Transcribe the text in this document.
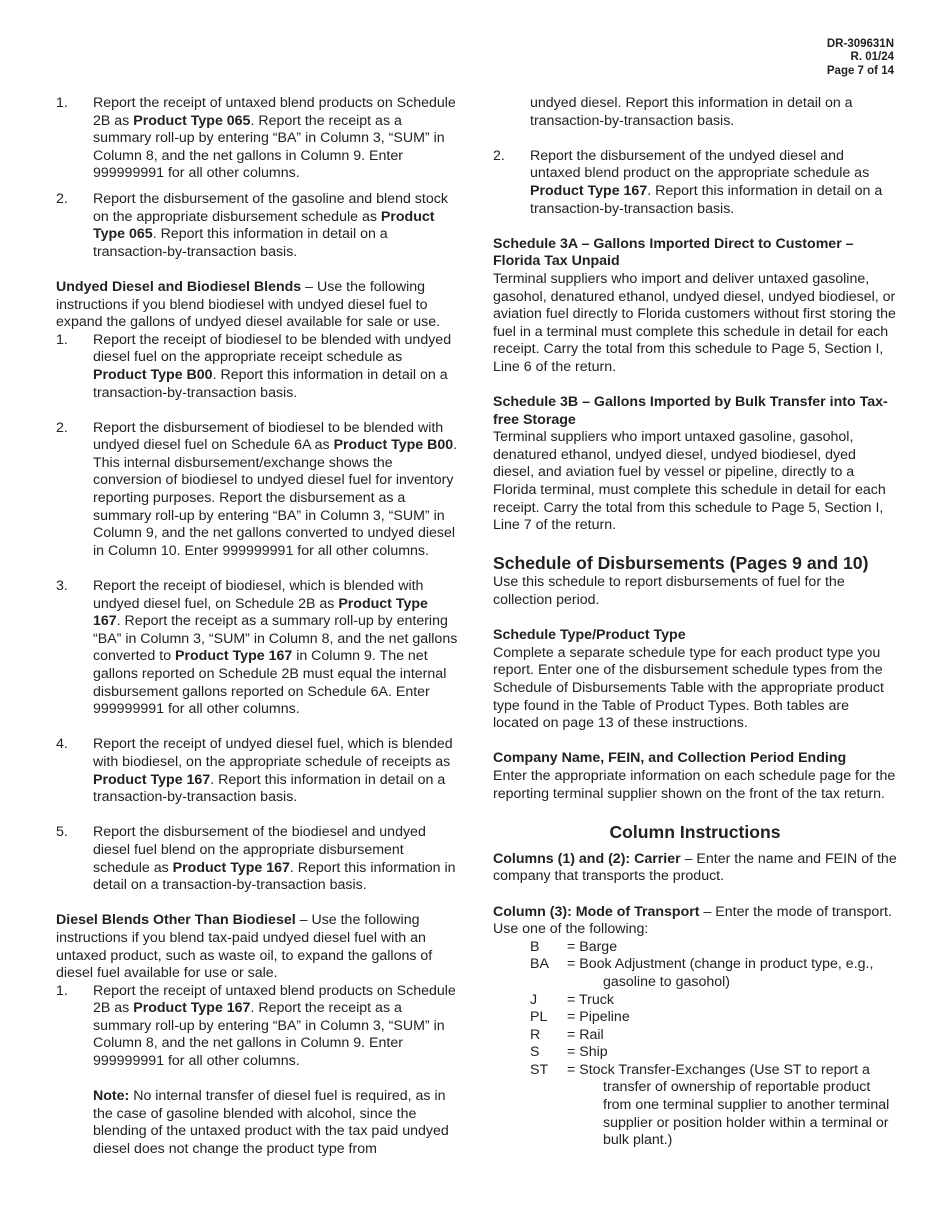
DR-309631N
R. 01/24
Page 7 of 14
1. Report the receipt of untaxed blend products on Schedule 2B as Product Type 065. Report the receipt as a summary roll-up by entering “BA” in Column 3, “SUM” in Column 8, and the net gallons in Column 9. Enter 999999991 for all other columns.
2. Report the disbursement of the gasoline and blend stock on the appropriate disbursement schedule as Product Type 065. Report this information in detail on a transaction-by-transaction basis.

Undyed Diesel and Biodiesel Blends – Use the following instructions if you blend biodiesel with undyed diesel fuel to expand the gallons of undyed diesel available for sale or use.

1. Report the receipt of biodiesel to be blended with undyed diesel fuel on the appropriate receipt schedule as Product Type B00. Report this information in detail on a transaction-by-transaction basis.
2. Report the disbursement of biodiesel to be blended with undyed diesel fuel on Schedule 6A as Product Type B00. This internal disbursement/exchange shows the conversion of biodiesel to undyed diesel fuel for inventory reporting purposes. Report the disbursement as a summary roll-up by entering “BA” in Column 3, “SUM” in Column 9, and the net gallons converted to undyed diesel in Column 10. Enter 999999991 for all other columns.
3. Report the receipt of biodiesel, which is blended with undyed diesel fuel, on Schedule 2B as Product Type 167. Report the receipt as a summary roll-up by entering “BA” in Column 3, “SUM” in Column 8, and the net gallons converted to Product Type 167 in Column 9. The net gallons reported on Schedule 2B must equal the internal disbursement gallons reported on Schedule 6A. Enter 999999991 for all other columns.
4. Report the receipt of undyed diesel fuel, which is blended with biodiesel, on the appropriate schedule of receipts as Product Type 167. Report this information in detail on a transaction-by-transaction basis.
5. Report the disbursement of the biodiesel and undyed diesel fuel blend on the appropriate disbursement schedule as Product Type 167. Report this information in detail on a transaction-by-transaction basis.

Diesel Blends Other Than Biodiesel – Use the following instructions if you blend tax-paid undyed diesel fuel with an untaxed product, such as waste oil, to expand the gallons of diesel fuel available for use or sale.

1. Report the receipt of untaxed blend products on Schedule 2B as Product Type 167. Report the receipt as a summary roll-up by entering “BA” in Column 3, “SUM” in Column 8, and the net gallons in Column 9. Enter 999999991 for all other columns.
Note: No internal transfer of diesel fuel is required, as in the case of gasoline blended with alcohol, since the blending of the untaxed product with the tax paid undyed diesel does not change the product type from
undyed diesel. Report this information in detail on a transaction-by-transaction basis.
2. Report the disbursement of the undyed diesel and untaxed blend product on the appropriate schedule as Product Type 167. Report this information in detail on a transaction-by-transaction basis.

Schedule 3A – Gallons Imported Direct to Customer – Florida Tax Unpaid

Terminal suppliers who import and deliver untaxed gasoline, gasohol, denatured ethanol, undyed diesel, undyed biodiesel, or aviation fuel directly to Florida customers without first storing the fuel in a terminal must complete this schedule in detail for each receipt. Carry the total from this schedule to Page 5, Section I, Line 6 of the return.

Schedule 3B – Gallons Imported by Bulk Transfer into Tax-free Storage

Terminal suppliers who import untaxed gasoline, gasohol, denatured ethanol, undyed diesel, undyed biodiesel, dyed diesel, and aviation fuel by vessel or pipeline, directly to a Florida terminal, must complete this schedule in detail for each receipt. Carry the total from this schedule to Page 5, Section I, Line 7 of the return.

Schedule of Disbursements (Pages 9 and 10)

Use this schedule to report disbursements of fuel for the collection period.

Schedule Type/Product Type

Complete a separate schedule type for each product type you report. Enter one of the disbursement schedule types from the Schedule of Disbursements Table with the appropriate product type found in the Table of Product Types. Both tables are located on page 13 of these instructions.

Company Name, FEIN, and Collection Period Ending

Enter the appropriate information on each schedule page for the reporting terminal supplier shown on the front of the tax return.

Column Instructions

Columns (1) and (2): Carrier – Enter the name and FEIN of the company that transports the product.

Column (3): Mode of Transport – Enter the mode of transport. Use one of the following:

B	= Barge
BA	= Book Adjustment (change in product type, e.g., gasoline to gasohol)
J	= Truck
PL	= Pipeline
R	= Rail
S	= Ship
ST	= Stock Transfer-Exchanges (Use ST to report a transfer of ownership of reportable product from one terminal supplier to another terminal supplier or position holder within a terminal or bulk plant.)
